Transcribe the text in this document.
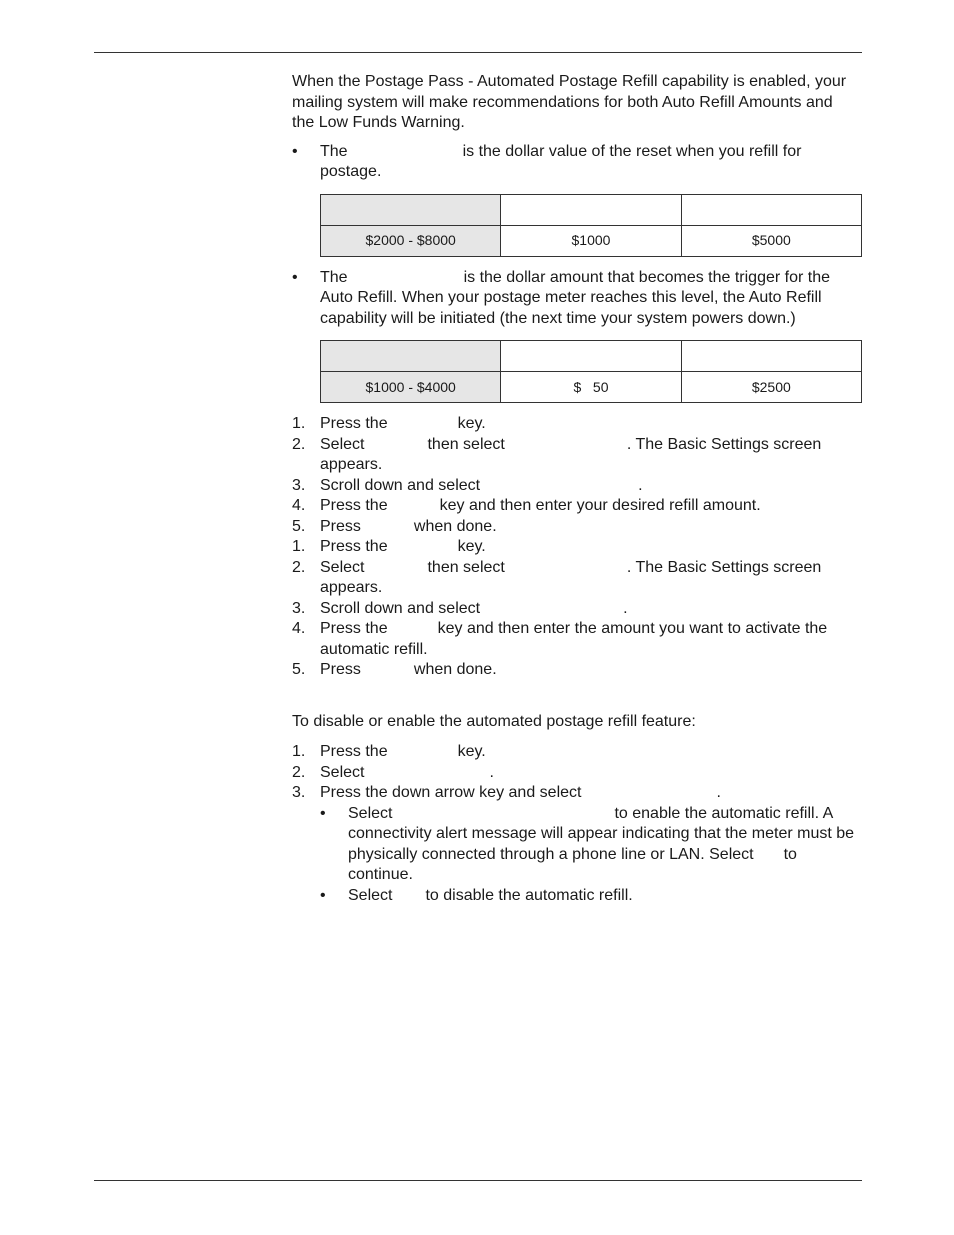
When the Postage Pass - Automated Postage Refill capability is enabled, your mailing system will make recommendations for both Auto Refill Amounts and the Low Funds Warning.

• The	is the dollar value of the reset when you refill for postage.

$2000 - $8000	$1000	$5000
• The	is the dollar amount that becomes the trigger for the Auto Refill. When your postage meter reaches this level, the Auto Refill capability will be initiated (the next time your system powers down.)

$1000 - $4000	$   50	$2500
1. Press the	key.
2. Select	then select	. The Basic Settings screen appears.
3. Scroll down and select	.
4. Press the	key and then enter your desired refill amount.
5. Press	when done.
1. Press the	key.
2. Select	then select	. The Basic Settings screen appears.
3. Scroll down and select	.
4. Press the	key and then enter the amount you want to activate the automatic refill.
5. Press	when done.

To disable or enable the automated postage refill feature:

1. Press the	key.
2. Select	.
3. Press the down arrow key and select	.
• Select	to enable the automatic refill. A connectivity alert message will appear indicating that the meter must be physically connected through a phone line or LAN. Select to continue.
• Select to disable the automatic refill.
